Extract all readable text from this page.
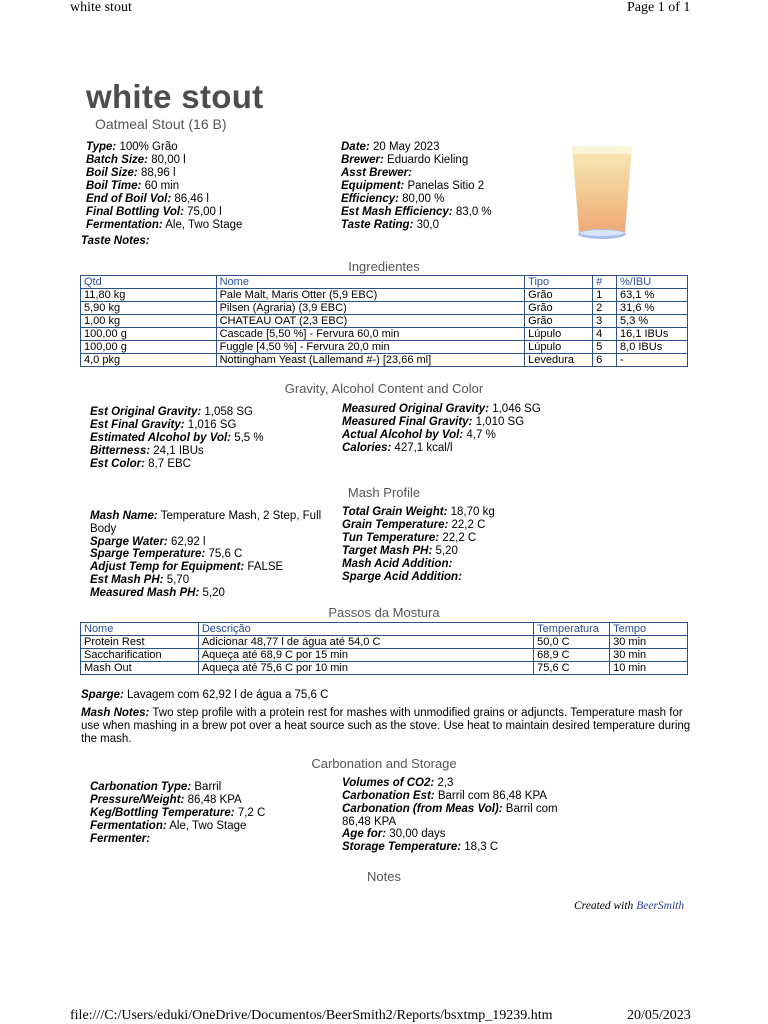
white stout	Page 1 of 1
white stout
Oatmeal Stout (16 B)
Type: 100% Grão
Batch Size: 80,00 l
Boil Size: 88,96 l
Boil Time: 60 min
End of Boil Vol: 86,46 l
Final Bottling Vol: 75,00 l
Fermentation: Ale, Two Stage
Taste Notes:
Date: 20 May 2023
Brewer: Eduardo Kieling
Asst Brewer:
Equipment: Panelas Sitio 2
Efficiency: 80,00 %
Est Mash Efficiency: 83,0 %
Taste Rating: 30,0
Ingredientes
Qtd	Nome	Tipo	#	%/IBU
11,80 kg	Pale Malt, Maris Otter (5,9 EBC)	Grão	1	63,1 %
5,90 kg	Pilsen (Agraria) (3,9 EBC)	Grão	2	31,6 %
1,00 kg	CHATEAU OAT (2,3 EBC)	Grão	3	5,3 %
100,00 g	Cascade [5,50 %] - Fervura 60,0 min	Lúpulo	4	16,1 IBUs
100,00 g	Fuggle [4,50 %] - Fervura 20,0 min	Lúpulo	5	8,0 IBUs
4,0 pkg	Nottingham Yeast (Lallemand #-) [23,66 ml]	Levedura	6	-
Gravity, Alcohol Content and Color
Est Original Gravity: 1,058 SG
Est Final Gravity: 1,016 SG
Estimated Alcohol by Vol: 5,5 %
Bitterness: 24,1 IBUs
Est Color: 8,7 EBC
Measured Original Gravity: 1,046 SG
Measured Final Gravity: 1,010 SG
Actual Alcohol by Vol: 4,7 %
Calories: 427,1 kcal/l
Mash Profile
Mash Name: Temperature Mash, 2 Step, Full Body
Sparge Water: 62,92 l
Sparge Temperature: 75,6 C
Adjust Temp for Equipment: FALSE
Est Mash PH: 5,70
Measured Mash PH: 5,20
Total Grain Weight: 18,70 kg
Grain Temperature: 22,2 C
Tun Temperature: 22,2 C
Target Mash PH: 5,20
Mash Acid Addition:
Sparge Acid Addition:
Passos da Mostura
Nome	Descrição	Temperatura	Tempo
Protein Rest	Adicionar 48,77 l de água até 54,0 C	50,0 C	30 min
Saccharification	Aqueça até 68,9 C por 15 min	68,9 C	30 min
Mash Out	Aqueça até 75,6 C por 10 min	75,6 C	10 min
Sparge: Lavagem com 62,92 l de água a 75,6 C
Mash Notes: Two step profile with a protein rest for mashes with unmodified grains or adjuncts. Temperature mash for use when mashing in a brew pot over a heat source such as the stove. Use heat to maintain desired temperature during the mash.
Carbonation and Storage
Carbonation Type: Barril
Pressure/Weight: 86,48 KPA
Keg/Bottling Temperature: 7,2 C
Fermentation: Ale, Two Stage
Fermenter:
Volumes of CO2: 2,3
Carbonation Est: Barril com 86,48 KPA
Carbonation (from Meas Vol): Barril com 86,48 KPA
Age for: 30,00 days
Storage Temperature: 18,3 C
Notes
Created with BeerSmith
file:///C:/Users/eduki/OneDrive/Documentos/BeerSmith2/Reports/bsxtmp_19239.htm	20/05/2023
